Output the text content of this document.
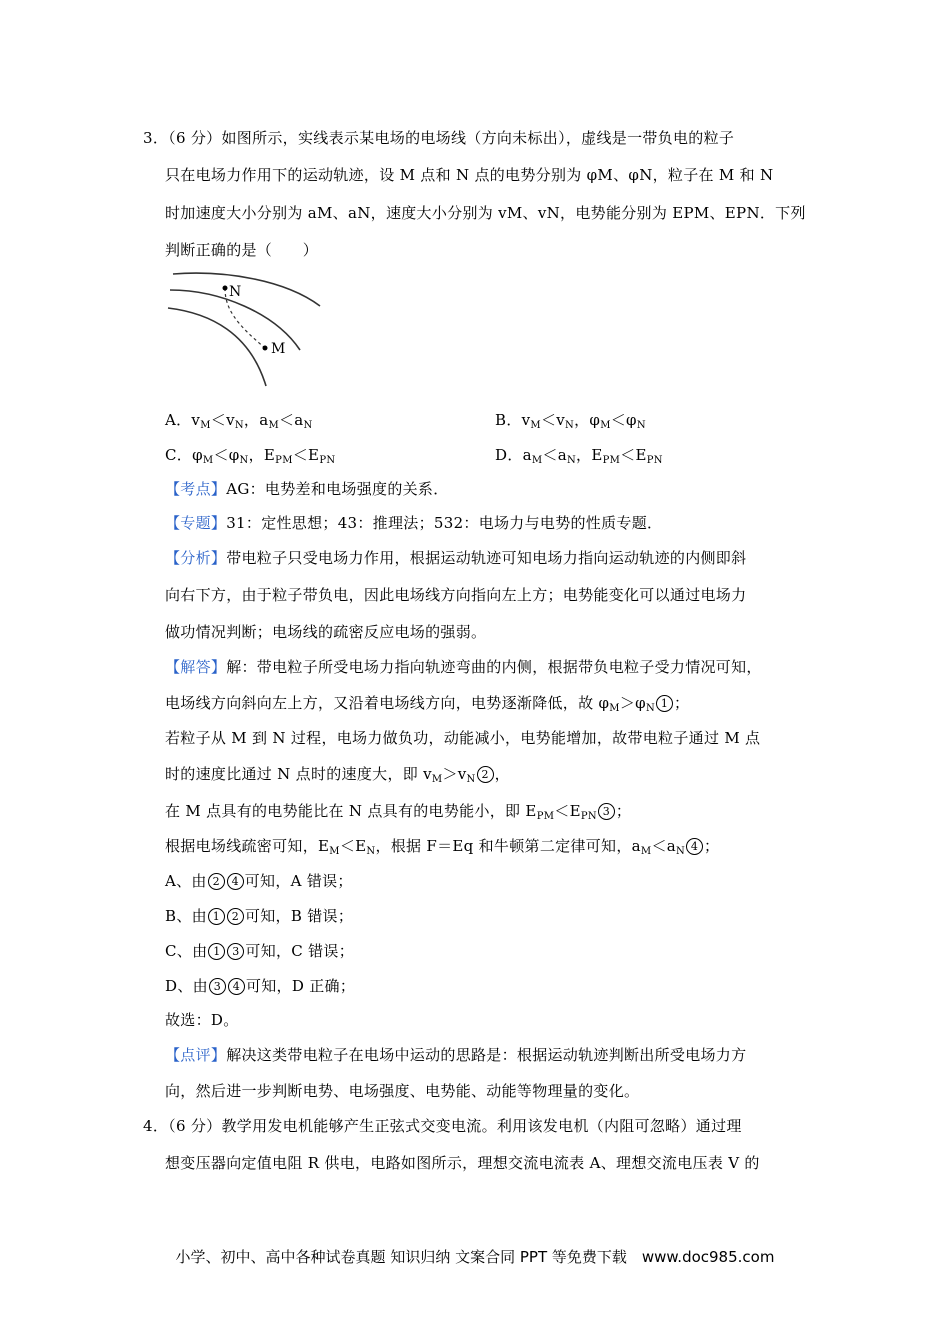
3．（6 分）如图所示，实线表示某电场的电场线（方向未标出），虚线是一带负电的粒子
只在电场力作用下的运动轨迹，设 M 点和 N 点的电势分别为 φM、φN，粒子在 M 和 N
时加速度大小分别为 aM、aN，速度大小分别为 vM、vN，电势能分别为 EPM、EPN．下列
判断正确的是（　　）
N
M
A．$v_M<v_N$，$a_M<a_N$	B．$v_M<v_N$，$\varphi_M<\varphi_N$
C．$\varphi_M<\varphi_N$，$E_{PM}<E_{PN}$	D．$a_M<a_N$，$E_{PM}<E_{PN}$
【考点】AG：电势差和电场强度的关系．
【专题】31：定性思想；43：推理法；532：电场力与电势的性质专题．
【分析】带电粒子只受电场力作用，根据运动轨迹可知电场力指向运动轨迹的内侧即斜
向右下方，由于粒子带负电，因此电场线方向指向左上方；电势能变化可以通过电场力
做功情况判断；电场线的疏密反应电场的强弱。
【解答】解：带电粒子所受电场力指向轨迹弯曲的内侧，根据带负电粒子受力情况可知，
电场线方向斜向左上方，又沿着电场线方向，电势逐渐降低，故 $\varphi_M>\varphi_N$ 1 ；
若粒子从 M 到 N 过程，电场力做负功，动能减小，电势能增加，故带电粒子通过 M 点
时的速度比通过 N 点时的速度大，即 $v_M>v_N$ 2 ，
在 M 点具有的电势能比在 N 点具有的电势能小，即 $E_{PM}<E_{PN}$ 3 ；
根据电场线疏密可知，$E_M<E_N$，根据 F＝Eq 和牛顿第二定律可知，$a_M<a_N$ 4 ；
A、由 2 4 可知，A 错误；
B、由 1 2 可知，B 错误；
C、由 1 3 可知，C 错误；
D、由 3 4 可知，D 正确；
故选：D。
【点评】解决这类带电粒子在电场中运动的思路是：根据运动轨迹判断出所受电场力方
向，然后进一步判断电势、电场强度、电势能、动能等物理量的变化。
4．（6 分）教学用发电机能够产生正弦式交变电流。利用该发电机（内阻可忽略）通过理
想变压器向定值电阻 R 供电，电路如图所示，理想交流电流表 A、理想交流电压表 V 的
小学、初中、高中各种试卷真题 知识归纳 文案合同 PPT 等免费下载　www.doc985.com
